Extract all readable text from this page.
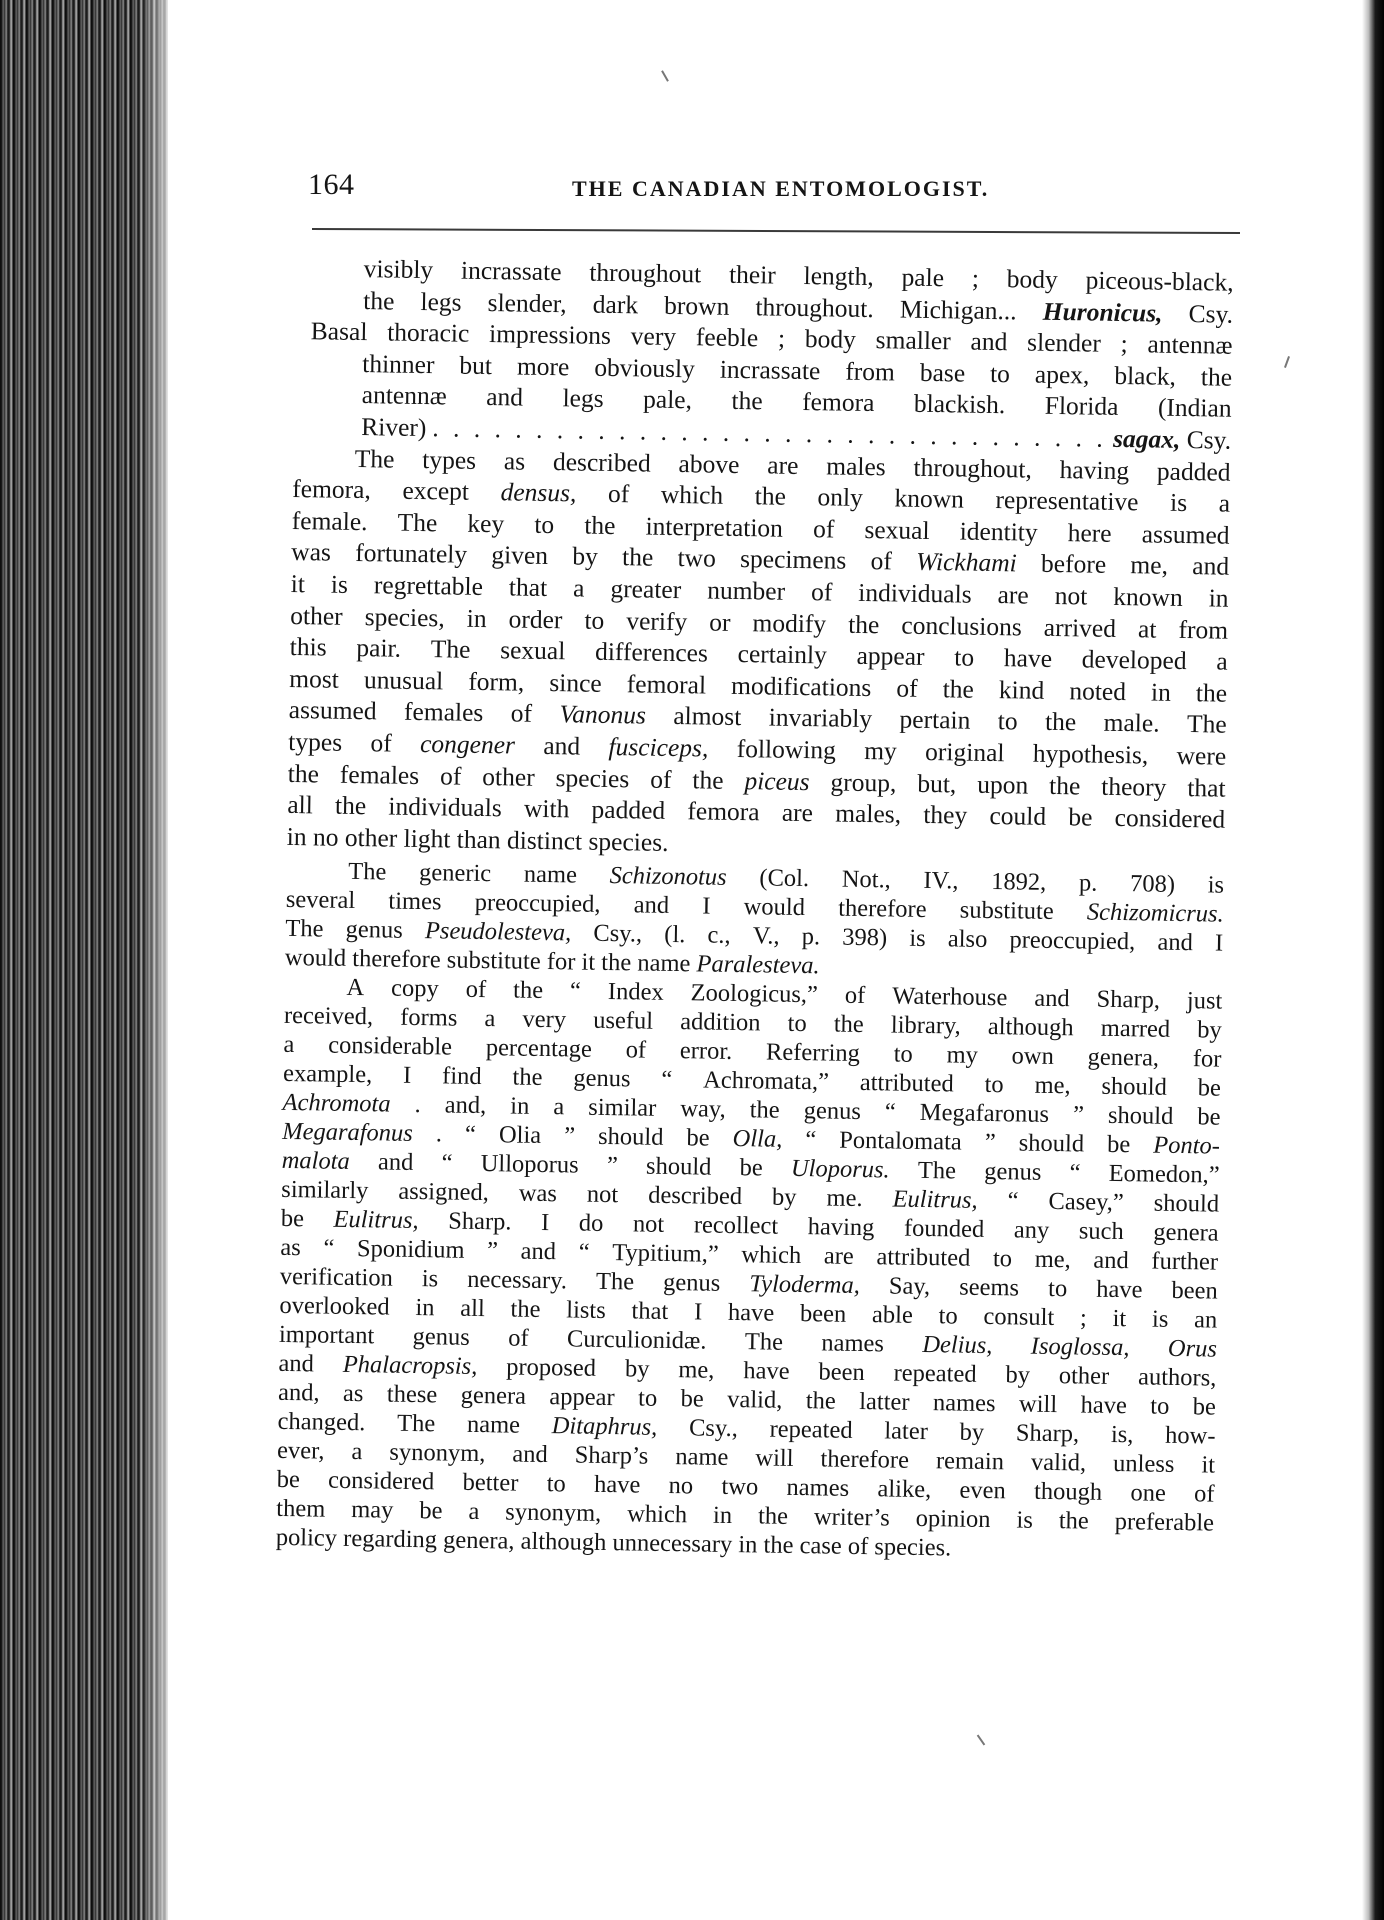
164	THE CANADIAN ENTOMOLOGIST.
visibly incrassate throughout their length, pale ; body piceous-black,
the legs slender, dark brown throughout. Michigan... Huronicus, Csy.
Basal thoracic impressions very feeble ; body smaller and slender ; antennæ
thinner but more obviously incrassate from base to apex, black, the
antennæ and legs pale, the femora blackish. Florida (Indian
River)
. . .	sagax, Csy.
The types as described above are males throughout, having padded
femora, except densus, of which the only known representative is a
female. The key to the interpretation of sexual identity here assumed
was fortunately given by the two specimens of Wickhami before me, and
it is regrettable that a greater number of individuals are not known in
other species, in order to verify or modify the conclusions arrived at from
this pair. The sexual differences certainly appear to have developed a
most unusual form, since femoral modifications of the kind noted in the
assumed females of Vanonus almost invariably pertain to the male. The
types of congener and fusciceps, following my original hypothesis, were
the females of other species of the piceus group, but, upon the theory that
all the individuals with padded femora are males, they could be considered
in no other light than distinct species.
The generic name Schizonotus (Col. Not., IV., 1892, p. 708) is
several times preoccupied, and I would therefore substitute Schizomicrus.
The genus Pseudolesteva, Csy., (l. c., V., p. 398) is also preoccupied, and I
would therefore substitute for it the name Paralesteva.
A copy of the “ Index Zoologicus,” of Waterhouse and Sharp, just
received, forms a very useful addition to the library, although marred by
a considerable percentage of error. Referring to my own genera, for
example, I find the genus “ Achromata,” attributed to me, should be
Achromota . and, in a similar way, the genus “ Megafaronus ” should be
Megarafonus . “ Olia ” should be Olla, “ Pontalomata ” should be Ponto-
malota and “ Ulloporus ” should be Uloporus. The genus “ Eomedon,”
similarly assigned, was not described by me. Eulitrus, “ Casey,” should
be Eulitrus, Sharp. I do not recollect having founded any such genera
as “ Sponidium ” and “ Typitium,” which are attributed to me, and further
verification is necessary. The genus Tyloderma, Say, seems to have been
overlooked in all the lists that I have been able to consult ; it is an
important genus of Curculionidæ. The names Delius, Isoglossa, Orus
and Phalacropsis, proposed by me, have been repeated by other authors,
and, as these genera appear to be valid, the latter names will have to be
changed. The name Ditaphrus, Csy., repeated later by Sharp, is, how-
ever, a synonym, and Sharp’s name will therefore remain valid, unless it
be considered better to have no two names alike, even though one of
them may be a synonym, which in the writer’s opinion is the preferable
policy regarding genera, although unnecessary in the case of species.
